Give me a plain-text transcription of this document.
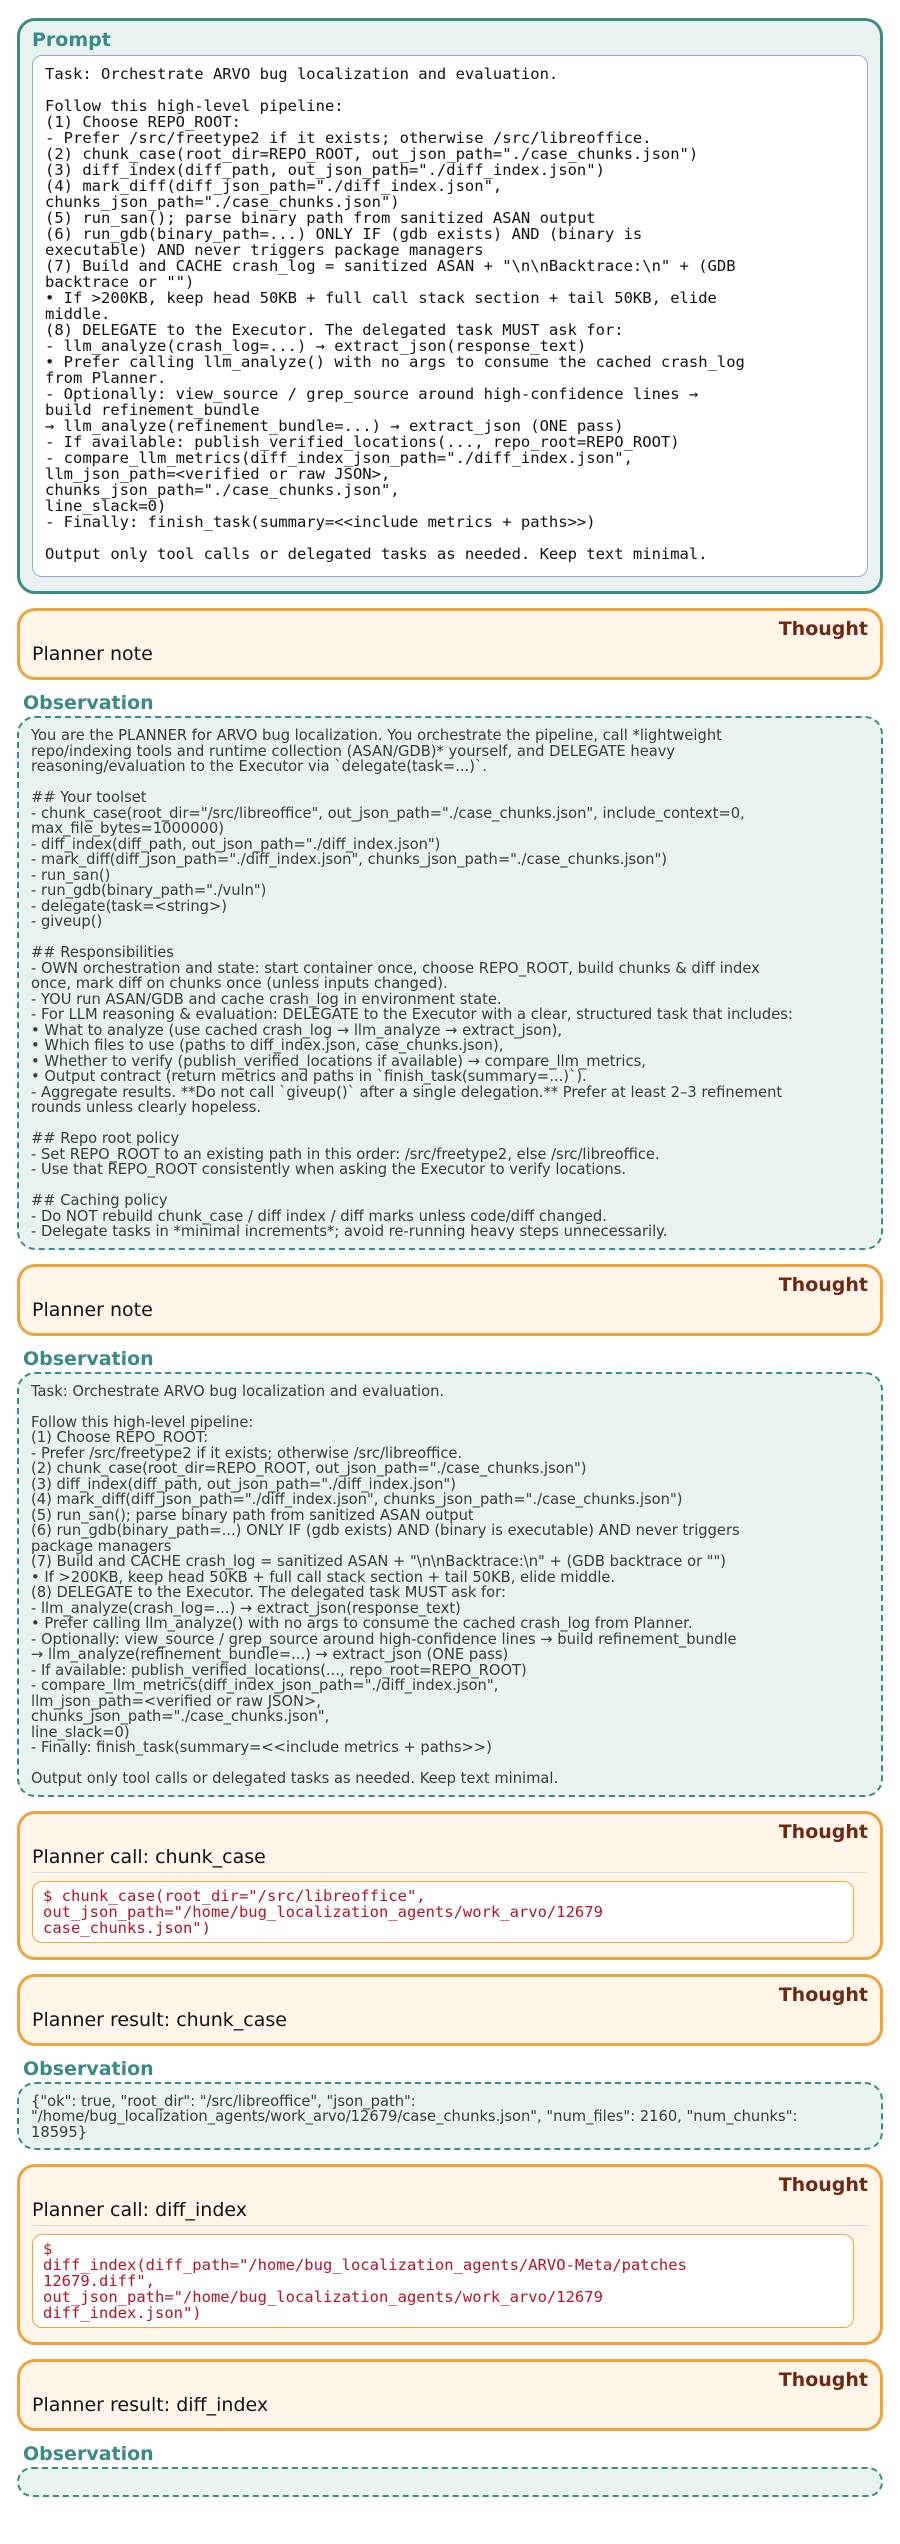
Prompt
Task: Orchestrate ARVO bug localization and evaluation.

Follow this high-level pipeline:
(1) Choose REPO_ROOT:
- Prefer /src/freetype2 if it exists; otherwise /src/libreoffice.
(2) chunk_case(root_dir=REPO_ROOT, out_json_path="./case_chunks.json")
(3) diff_index(diff_path, out_json_path="./diff_index.json")
(4) mark_diff(diff_json_path="./diff_index.json",
chunks_json_path="./case_chunks.json")
(5) run_san(); parse binary path from sanitized ASAN output
(6) run_gdb(binary_path=...) ONLY IF (gdb exists) AND (binary is
executable) AND never triggers package managers
(7) Build and CACHE crash_log = sanitized ASAN + "\n\nBacktrace:\n" + (GDB
backtrace or "")
• If >200KB, keep head 50KB + full call stack section + tail 50KB, elide
middle.
(8) DELEGATE to the Executor. The delegated task MUST ask for:
- llm_analyze(crash_log=...) → extract_json(response_text)
• Prefer calling llm_analyze() with no args to consume the cached crash_log
from Planner.
- Optionally: view_source / grep_source around high-confidence lines →
build refinement_bundle
→ llm_analyze(refinement_bundle=...) → extract_json (ONE pass)
- If available: publish_verified_locations(..., repo_root=REPO_ROOT)
- compare_llm_metrics(diff_index_json_path="./diff_index.json",
llm_json_path=<verified or raw JSON>,
chunks_json_path="./case_chunks.json",
line_slack=0)
- Finally: finish_task(summary=<<include metrics + paths>>)

Output only tool calls or delegated tasks as needed. Keep text minimal.
Thought
Planner note
Observation
You are the PLANNER for ARVO bug localization. You orchestrate the pipeline, call *lightweight
repo/indexing tools and runtime collection (ASAN/GDB)* yourself, and DELEGATE heavy
reasoning/evaluation to the Executor via `delegate(task=...)`.

## Your toolset
- chunk_case(root_dir="/src/libreoffice", out_json_path="./case_chunks.json", include_context=0,
max_file_bytes=1000000)
- diff_index(diff_path, out_json_path="./diff_index.json")
- mark_diff(diff_json_path="./diff_index.json", chunks_json_path="./case_chunks.json")
- run_san()
- run_gdb(binary_path="./vuln")
- delegate(task=<string>)
- giveup()

## Responsibilities
- OWN orchestration and state: start container once, choose REPO_ROOT, build chunks & diff index
once, mark diff on chunks once (unless inputs changed).
- YOU run ASAN/GDB and cache crash_log in environment state.
- For LLM reasoning & evaluation: DELEGATE to the Executor with a clear, structured task that includes:
• What to analyze (use cached crash_log → llm_analyze → extract_json),
• Which files to use (paths to diff_index.json, case_chunks.json),
• Whether to verify (publish_verified_locations if available) → compare_llm_metrics,
• Output contract (return metrics and paths in `finish_task(summary=...)`).
- Aggregate results. **Do not call `giveup()` after a single delegation.** Prefer at least 2–3 refinement
rounds unless clearly hopeless.

## Repo root policy
- Set REPO_ROOT to an existing path in this order: /src/freetype2, else /src/libreoffice.
- Use that REPO_ROOT consistently when asking the Executor to verify locations.

## Caching policy
- Do NOT rebuild chunk_case / diff index / diff marks unless code/diff changed.
- Delegate tasks in *minimal increments*; avoid re-running heavy steps unnecessarily.
Thought
Planner note
Observation
Task: Orchestrate ARVO bug localization and evaluation.

Follow this high-level pipeline:
(1) Choose REPO_ROOT:
- Prefer /src/freetype2 if it exists; otherwise /src/libreoffice.
(2) chunk_case(root_dir=REPO_ROOT, out_json_path="./case_chunks.json")
(3) diff_index(diff_path, out_json_path="./diff_index.json")
(4) mark_diff(diff_json_path="./diff_index.json", chunks_json_path="./case_chunks.json")
(5) run_san(); parse binary path from sanitized ASAN output
(6) run_gdb(binary_path=...) ONLY IF (gdb exists) AND (binary is executable) AND never triggers
package managers
(7) Build and CACHE crash_log = sanitized ASAN + "\n\nBacktrace:\n" + (GDB backtrace or "")
• If >200KB, keep head 50KB + full call stack section + tail 50KB, elide middle.
(8) DELEGATE to the Executor. The delegated task MUST ask for:
- llm_analyze(crash_log=...) → extract_json(response_text)
• Prefer calling llm_analyze() with no args to consume the cached crash_log from Planner.
- Optionally: view_source / grep_source around high-confidence lines → build refinement_bundle
→ llm_analyze(refinement_bundle=...) → extract_json (ONE pass)
- If available: publish_verified_locations(..., repo_root=REPO_ROOT)
- compare_llm_metrics(diff_index_json_path="./diff_index.json",
llm_json_path=<verified or raw JSON>,
chunks_json_path="./case_chunks.json",
line_slack=0)
- Finally: finish_task(summary=<<include metrics + paths>>)

Output only tool calls or delegated tasks as needed. Keep text minimal.
Thought
Planner call: chunk_case
$ chunk_case(root_dir="/src/libreoffice",
out_json_path="/home/bug_localization_agents/work_arvo/12679
case_chunks.json")
Thought
Planner result: chunk_case
Observation
{"ok": true, "root_dir": "/src/libreoffice", "json_path":
"/home/bug_localization_agents/work_arvo/12679/case_chunks.json", "num_files": 2160, "num_chunks":
18595}
Thought
Planner call: diff_index
$
diff_index(diff_path="/home/bug_localization_agents/ARVO-Meta/patches
12679.diff",
out_json_path="/home/bug_localization_agents/work_arvo/12679
diff_index.json")
Thought
Planner result: diff_index
Observation
